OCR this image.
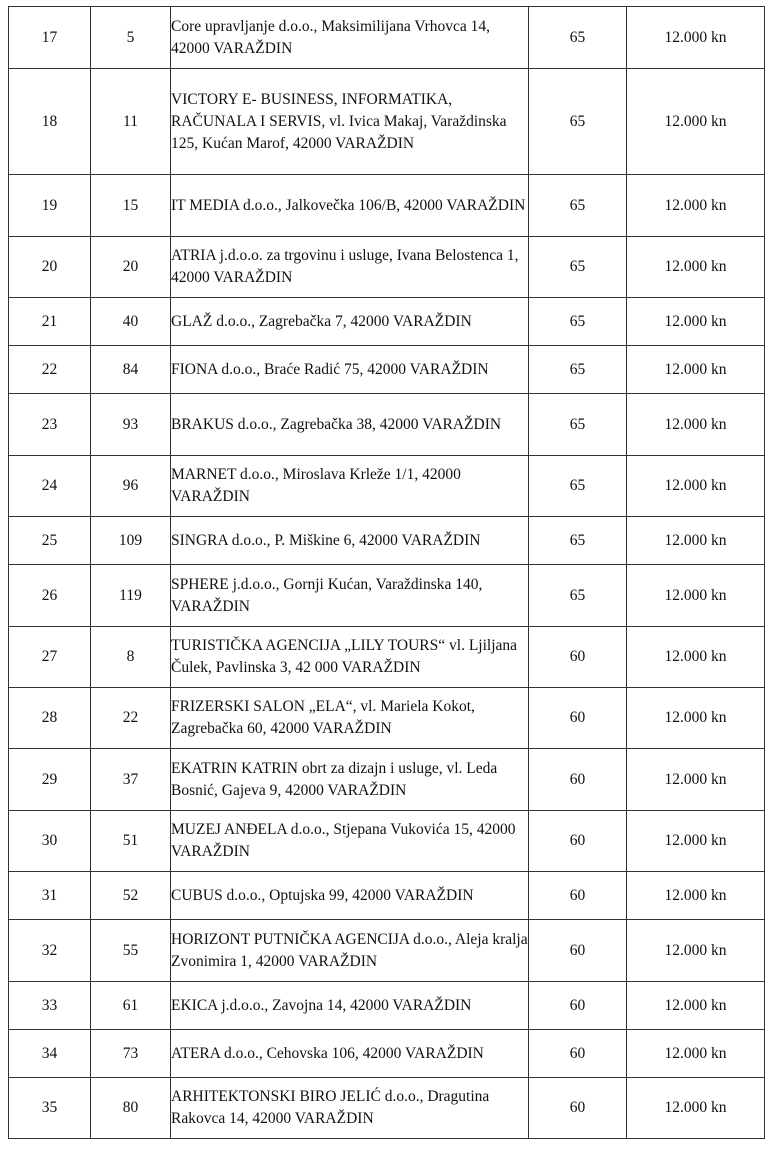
17	5	Core upravljanje d.o.o., Maksimilijana Vrhovca 14, 42000 VARAŽDIN	65	12.000 kn
18	11	VICTORY E- BUSINESS, INFORMATIKA, RAČUNALA I SERVIS, vl. Ivica Makaj, Varaždinska 125, Kućan Marof, 42000 VARAŽDIN	65	12.000 kn
19	15	IT MEDIA d.o.o., Jalkovečka 106/B, 42000 VARAŽDIN	65	12.000 kn
20	20	ATRIA j.d.o.o. za trgovinu i usluge, Ivana Belostenca 1, 42000 VARAŽDIN	65	12.000 kn
21	40	GLAŽ d.o.o., Zagrebačka 7, 42000 VARAŽDIN	65	12.000 kn
22	84	FIONA d.o.o., Braće Radić 75, 42000 VARAŽDIN	65	12.000 kn
23	93	BRAKUS d.o.o., Zagrebačka 38, 42000 VARAŽDIN	65	12.000 kn
24	96	MARNET d.o.o., Miroslava Krleže 1/1, 42000 VARAŽDIN	65	12.000 kn
25	109	SINGRA d.o.o., P. Miškine 6, 42000 VARAŽDIN	65	12.000 kn
26	119	SPHERE j.d.o.o., Gornji Kućan, Varaždinska 140, VARAŽDIN	65	12.000 kn
27	8	TURISTIČKA AGENCIJA „LILY TOURS“ vl. Ljiljana Čulek, Pavlinska 3, 42 000 VARAŽDIN	60	12.000 kn
28	22	FRIZERSKI SALON „ELA“, vl. Mariela Kokot, Zagrebačka 60, 42000 VARAŽDIN	60	12.000 kn
29	37	EKATRIN KATRIN obrt za dizajn i usluge, vl. Leda Bosnić, Gajeva 9, 42000 VARAŽDIN	60	12.000 kn
30	51	MUZEJ ANĐELA d.o.o., Stjepana Vukovića 15, 42000 VARAŽDIN	60	12.000 kn
31	52	CUBUS d.o.o., Optujska 99, 42000 VARAŽDIN	60	12.000 kn
32	55	HORIZONT PUTNIČKA AGENCIJA d.o.o., Aleja kralja Zvonimira 1, 42000 VARAŽDIN	60	12.000 kn
33	61	EKICA j.d.o.o., Zavojna 14, 42000 VARAŽDIN	60	12.000 kn
34	73	ATERA d.o.o., Cehovska 106, 42000 VARAŽDIN	60	12.000 kn
35	80	ARHITEKTONSKI BIRO JELIĆ d.o.o., Dragutina Rakovca 14, 42000 VARAŽDIN	60	12.000 kn
